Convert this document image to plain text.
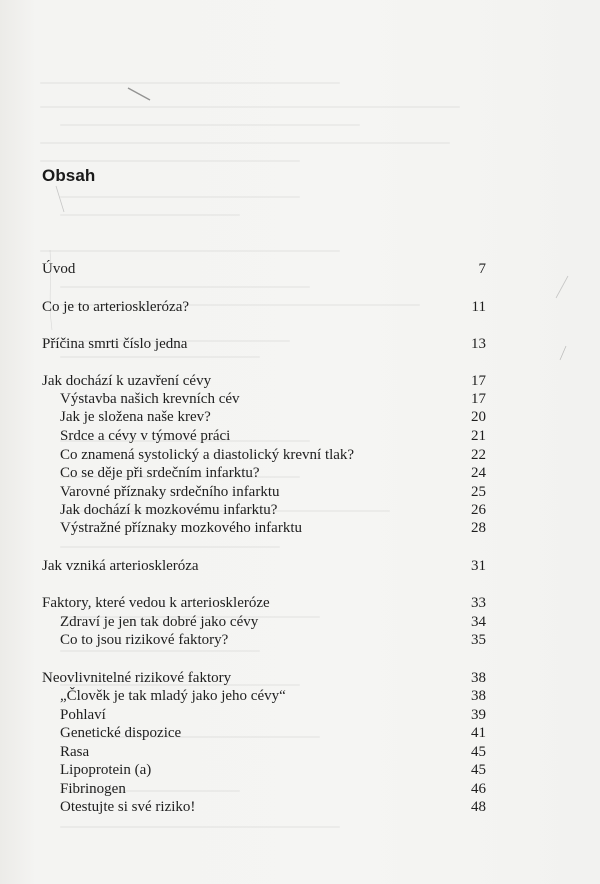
Obsah
Úvod	7
Co je to arterioskleróza?	11
Příčina smrti číslo jedna	13
Jak dochází k uzavření cévy	17
Výstavba našich krevních cév	17
Jak je složena naše krev?	20
Srdce a cévy v týmové práci	21
Co znamená systolický a diastolický krevní tlak?	22
Co se děje při srdečním infarktu?	24
Varovné příznaky srdečního infarktu	25
Jak dochází k mozkovému infarktu?	26
Výstražné příznaky mozkového infarktu	28
Jak vzniká arterioskleróza	31
Faktory, které vedou k arterioskleróze	33
Zdraví je jen tak dobré jako cévy	34
Co to jsou rizikové faktory?	35
Neovlivnitelné rizikové faktory	38
„Člověk je tak mladý jako jeho cévy“	38
Pohlaví	39
Genetické dispozice	41
Rasa	45
Lipoprotein (a)	45
Fibrinogen	46
Otestujte si své riziko!	48
